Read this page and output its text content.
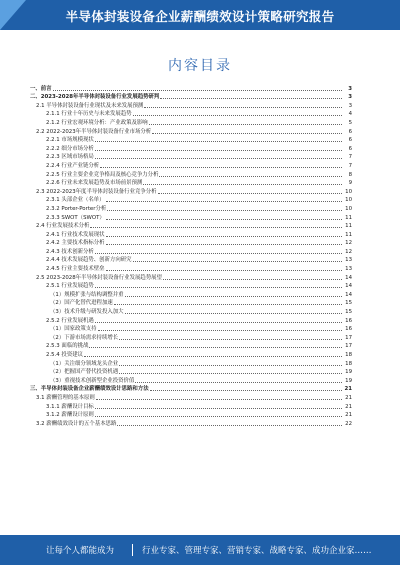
半导体封装设备企业薪酬绩效设计策略研究报告
内容目录
一、前言	3
二、2023-2028年半导体封装设备行业发展趋势研判	3
2.1 半导体封装设备行业现状及未来发展预测	3
2.1.1 行业十年历史与未来发展趋势	4
2.1.2 行业宏观环境分析：产业政策及影响	5
2.2 2022-2023年半导体封装设备行业市场分析	6
2.2.1 市场规模现状	6
2.2.2 细分市场分析	6
2.2.3 区域市场格局	7
2.2.4 行业产业链分析	7
2.2.5 行业主要企业竞争格局及核心竞争力分析	8
2.2.6 行业未来发展趋势及市场前景预测	9
2.3 2022-2023年度半导体封装设备行业竞争分析	10
2.3.1 头部企业（名单）	10
2.3.2 Porter-Porter分析	10
2.3.3 SWOT（SWOT）	11
2.4 行业发展技术分析	11
2.4.1 行业技术发展现状	11
2.4.2 主要技术指标分析	12
2.4.3 技术创新分析	12
2.4.4 技术发展趋势、创新方向研究	13
2.4.5 行业主要技术壁垒	13
2.5 2023-2028年半导体封装设备行业发展趋势展望	14
2.5.1 行业发展趋势	14
（1）规模扩张与结构调整并重	14
（2）国产化替代进程加速	15
（3）技术升级与研发投入加大	15
2.5.2 行业发展机遇	16
（1）国家政策支持	16
（2）下游市场需求持续增长	17
2.5.3 面临的挑战	17
2.5.4 投资建议	18
（1）关注细分领域龙头企业	18
（2）把握国产替代投资机遇	19
（3）重视技术创新型企业投资价值	19
三、半导体封装设备企业薪酬绩效设计思路和方法	21
3.1 薪酬管理的基本原则	21
3.1.1 薪酬设计目标	21
3.1.2 薪酬设计原则	21
3.2 薪酬绩效设计的五个基本思路	22
让每个人都能成为	行业专家、管理专家、营销专家、战略专家、成功企业家……
